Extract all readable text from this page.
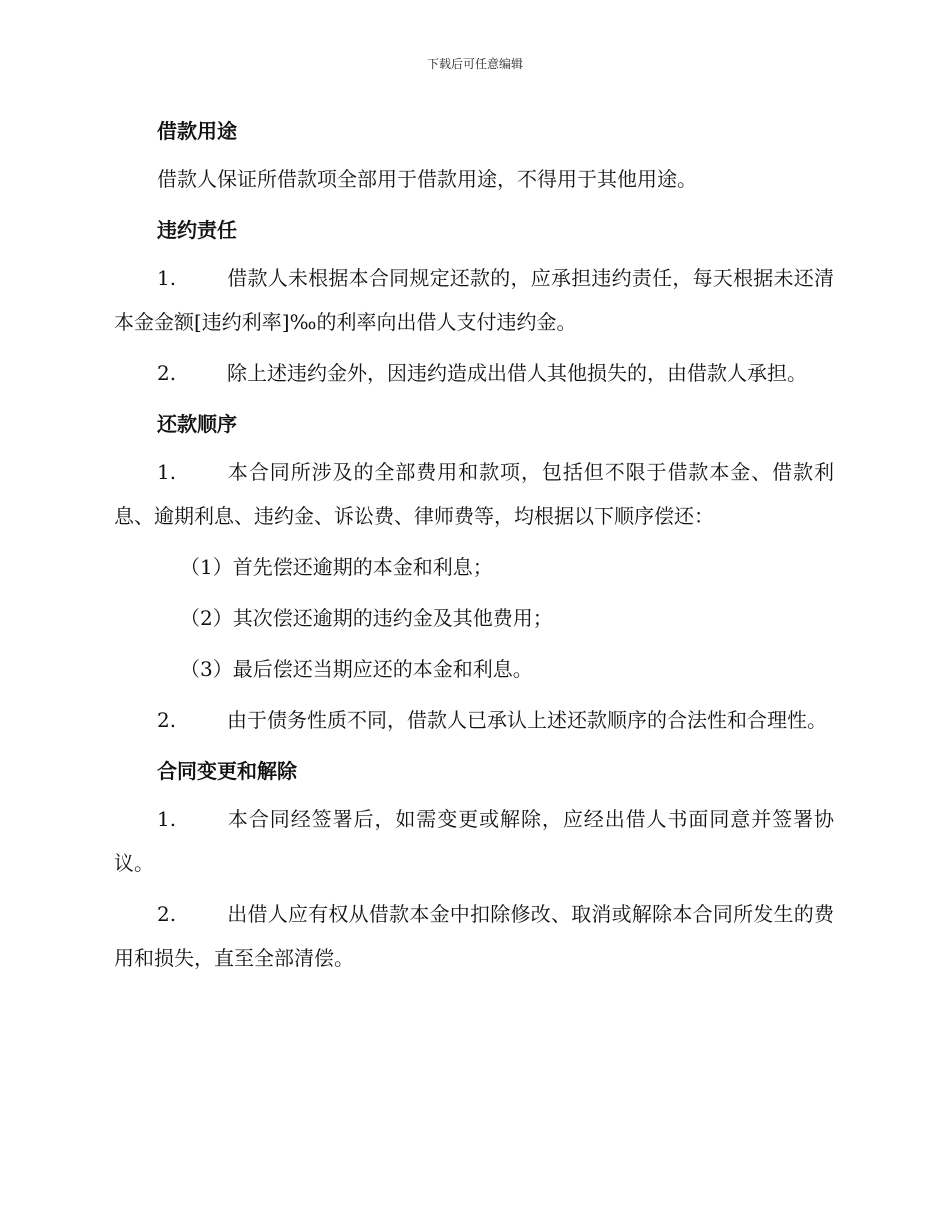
下载后可任意编辑
借款用途

借款人保证所借款项全部用于借款用途，不得用于其他用途。

违约责任

1.	借款人未根据本合同规定还款的，应承担违约责任，每天根据未还清本金金额[违约利率]‰的利率向出借人支付违约金。

2.	除上述违约金外，因违约造成出借人其他损失的，由借款人承担。

还款顺序

1.	本合同所涉及的全部费用和款项，包括但不限于借款本金、借款利息、逾期利息、违约金、诉讼费、律师费等，均根据以下顺序偿还：

（1）首先偿还逾期的本金和利息；

（2）其次偿还逾期的违约金及其他费用；

（3）最后偿还当期应还的本金和利息。

2.	由于债务性质不同，借款人已承认上述还款顺序的合法性和合理性。

合同变更和解除

1.	本合同经签署后，如需变更或解除，应经出借人书面同意并签署协议。

2.	出借人应有权从借款本金中扣除修改、取消或解除本合同所发生的费用和损失，直至全部清偿。
